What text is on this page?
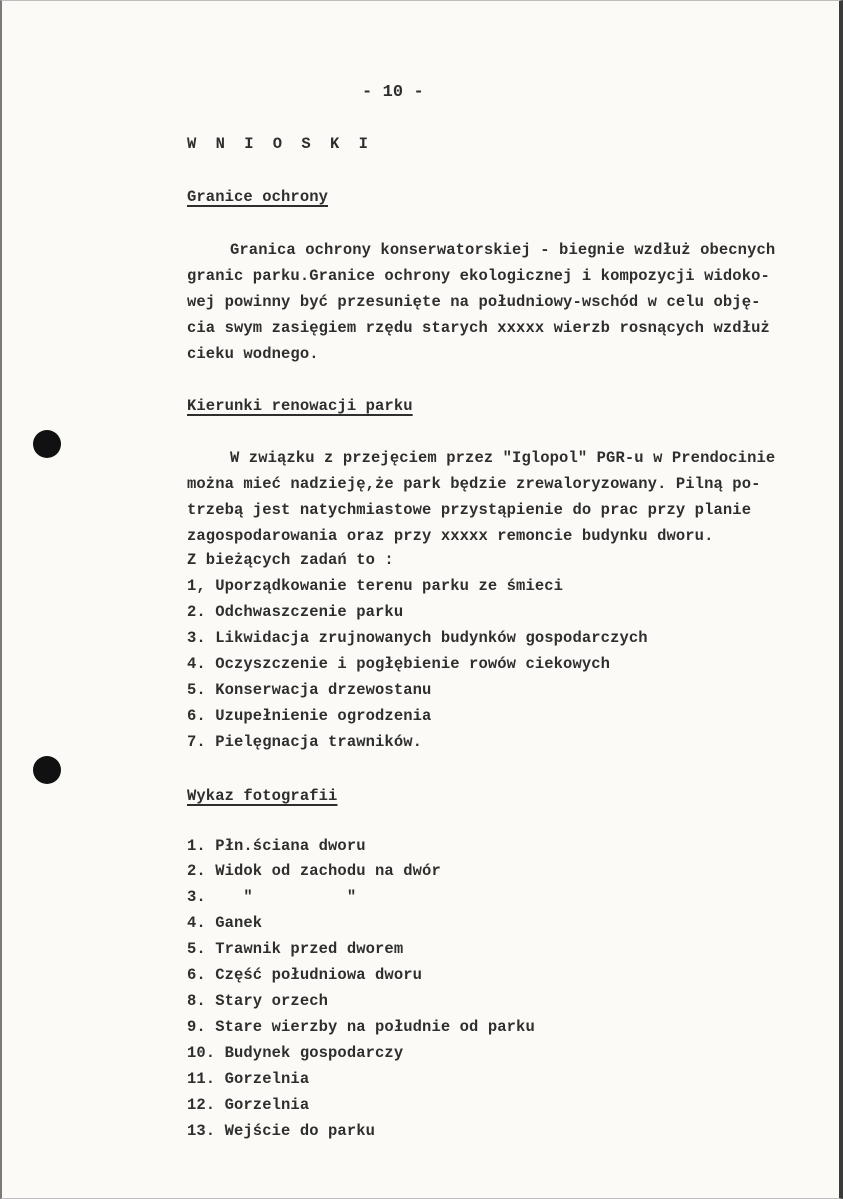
- 10 -
W N I O S K I
Granice ochrony
Granica ochrony konserwatorskiej - biegnie wzdłuż obecnych
granic parku.Granice ochrony ekologicznej i kompozycji widoko-
wej powinny być przesunięte na południowy-wschód w celu obję-
cia swym zasięgiem rzędu starych xxxxx wierzb rosnących wzdłuż
cieku wodnego.
Kierunki renowacji parku
W związku z przejęciem przez "Iglopol" PGR-u w Prendocinie
można mieć nadzieję,że park będzie zrewaloryzowany. Pilną po-
trzebą jest natychmiastowe przystąpienie do prac przy planie
zagospodarowania oraz przy xxxxx remoncie budynku dworu.
Z bieżących zadań to :
1, Uporządkowanie terenu parku ze śmieci
2. Odchwaszczenie parku
3. Likwidacja zrujnowanych budynków gospodarczych
4. Oczyszczenie i pogłębienie rowów ciekowych
5. Konserwacja drzewostanu
6. Uzupełnienie ogrodzenia
7. Pielęgnacja trawników.
Wykaz fotografii
1. Płn.ściana dworu
2. Widok od zachodu na dwór
3.    "          "
4. Ganek
5. Trawnik przed dworem
6. Część południowa dworu
8. Stary orzech
9. Stare wierzby na południe od parku
10. Budynek gospodarczy
11. Gorzelnia
12. Gorzelnia
13. Wejście do parku
